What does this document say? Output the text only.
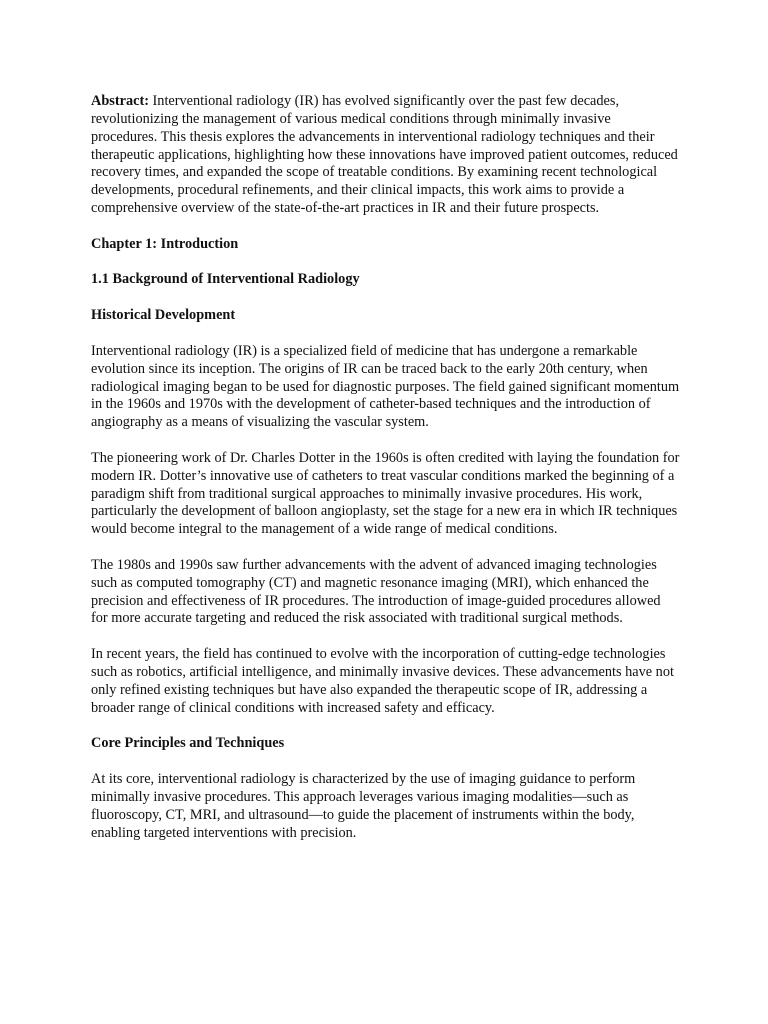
Abstract: Interventional radiology (IR) has evolved significantly over the past few decades, revolutionizing the management of various medical conditions through minimally invasive procedures. This thesis explores the advancements in interventional radiology techniques and their therapeutic applications, highlighting how these innovations have improved patient outcomes, reduced recovery times, and expanded the scope of treatable conditions. By examining recent technological developments, procedural refinements, and their clinical impacts, this work aims to provide a comprehensive overview of the state-of-the-art practices in IR and their future prospects.

Chapter 1: Introduction

1.1 Background of Interventional Radiology

Historical Development

Interventional radiology (IR) is a specialized field of medicine that has undergone a remarkable evolution since its inception. The origins of IR can be traced back to the early 20th century, when radiological imaging began to be used for diagnostic purposes. The field gained significant momentum in the 1960s and 1970s with the development of catheter-based techniques and the introduction of angiography as a means of visualizing the vascular system.

The pioneering work of Dr. Charles Dotter in the 1960s is often credited with laying the foundation for modern IR. Dotter’s innovative use of catheters to treat vascular conditions marked the beginning of a paradigm shift from traditional surgical approaches to minimally invasive procedures. His work, particularly the development of balloon angioplasty, set the stage for a new era in which IR techniques would become integral to the management of a wide range of medical conditions.

The 1980s and 1990s saw further advancements with the advent of advanced imaging technologies such as computed tomography (CT) and magnetic resonance imaging (MRI), which enhanced the precision and effectiveness of IR procedures. The introduction of image-guided procedures allowed for more accurate targeting and reduced the risk associated with traditional surgical methods.

In recent years, the field has continued to evolve with the incorporation of cutting-edge technologies such as robotics, artificial intelligence, and minimally invasive devices. These advancements have not only refined existing techniques but have also expanded the therapeutic scope of IR, addressing a broader range of clinical conditions with increased safety and efficacy.

Core Principles and Techniques

At its core, interventional radiology is characterized by the use of imaging guidance to perform minimally invasive procedures. This approach leverages various imaging modalities—such as fluoroscopy, CT, MRI, and ultrasound—to guide the placement of instruments within the body, enabling targeted interventions with precision.
